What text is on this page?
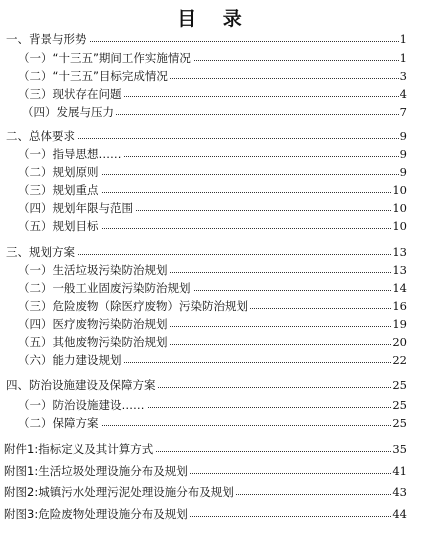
目 录
一、背景与形势	1
（一）“十三五”期间工作实施情况	1
（二）“十三五”目标完成情况	3
（三）现状存在问题	4
（四）发展与压力	7
二、总体要求	9
（一）指导思想……	9
（二）规划原则	9
（三）规划重点	10
（四）规划年限与范围	10
（五）规划目标	10
三、规划方案	13
（一）生活垃圾污染防治规划	13
（二）一般工业固废污染防治规划	14
（三）危险废物（除医疗废物）污染防治规划	16
（四）医疗废物污染防治规划	19
（五）其他废物污染防治规划	20
（六）能力建设规划	22
四、防治设施建设及保障方案	25
（一）防治设施建设……	25
（二）保障方案	25
附件1:指标定义及其计算方式	35
附图1:生活垃圾处理设施分布及规划	41
附图2:城镇污水处理污泥处理设施分布及规划	43
附图3:危险废物处理设施分布及规划	44
